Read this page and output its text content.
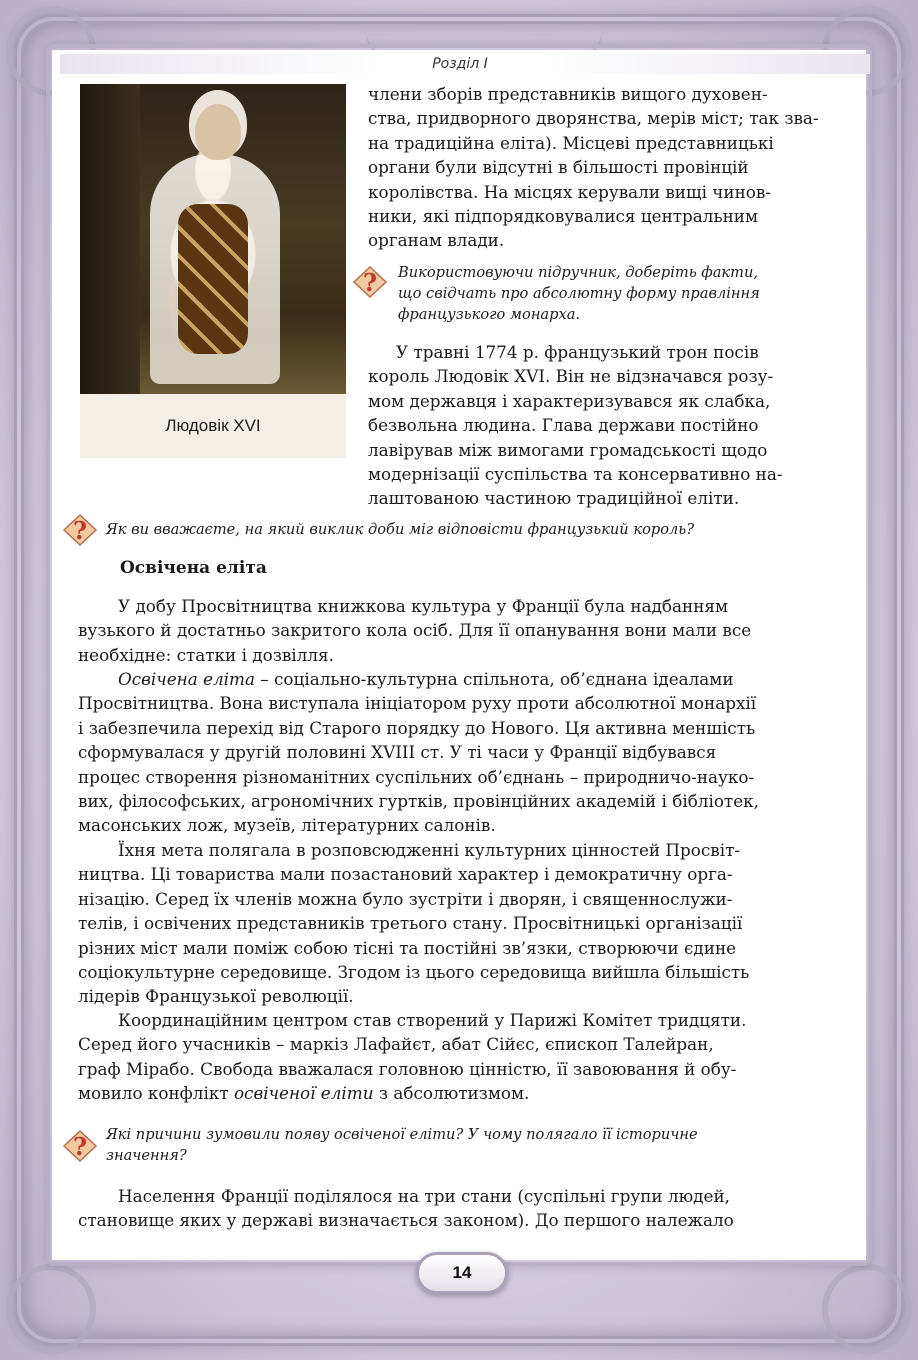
Розділ І
Людовік XVI
члени зборів представників вищого духовен-
ства, придворного дворянства, мерів міст; так зва-
на традиційна еліта). Місцеві представницькі
органи були відсутні в більшості провінцій
королівства. На місцях керували вищі чинов-
ники, які підпорядковувалися центральним
органам влади.
? Використовуючи підручник, доберіть факти,
що свідчать про абсолютну форму правління
французького монарха.
У травні 1774 р. французький трон посів
король Людовік XVI. Він не відзначався розу-
мом державця і характеризувався як слабка,
безвольна людина. Глава держави постійно
лавірував між вимогами громадськості щодо
модернізації суспільства та консервативно на-
лаштованою частиною традиційної еліти.
? Як ви вважаєте, на який виклик доби міг відповісти французький король?
Освічена еліта
У добу Просвітництва книжкова культура у Франції була надбанням
вузького й достатньо закритого кола осіб. Для її опанування вони мали все
необхідне: статки і дозвілля.
Освічена еліта – соціально-культурна спільнота, об’єднана ідеалами
Просвітництва. Вона виступала ініціатором руху проти абсолютної монархії
і забезпечила перехід від Старого порядку до Нового. Ця активна меншість
сформувалася у другій половині XVIII ст. У ті часи у Франції відбувався
процес створення різноманітних суспільних об’єднань – природничо-науко-
вих, філософських, агрономічних гуртків, провінційних академій і бібліотек,
масонських лож, музеїв, літературних салонів.
Їхня мета полягала в розповсюдженні культурних цінностей Просвіт-
ництва. Ці товариства мали позастановий характер і демократичну орга-
нізацію. Серед їх членів можна було зустріти і дворян, і священнослужи-
телів, і освічених представників третього стану. Просвітницькі організації
різних міст мали поміж собою тісні та постійні зв’язки, створюючи єдине
соціокультурне середовище. Згодом із цього середовища вийшла більшість
лідерів Французької революції.
Координаційним центром став створений у Парижі Комітет тридцяти.
Серед його учасників – маркіз Лафайєт, абат Сійєс, єпископ Талейран,
граф Мірабо. Свобода вважалася головною цінністю, її завоювання й обу-
мовило конфлікт освіченої еліти з абсолютизмом.
? Які причини зумовили появу освіченої еліти? У чому полягало її історичне
значення?
Населення Франції поділялося на три стани (суспільні групи людей,
становище яких у державі визначається законом). До першого належало
14
